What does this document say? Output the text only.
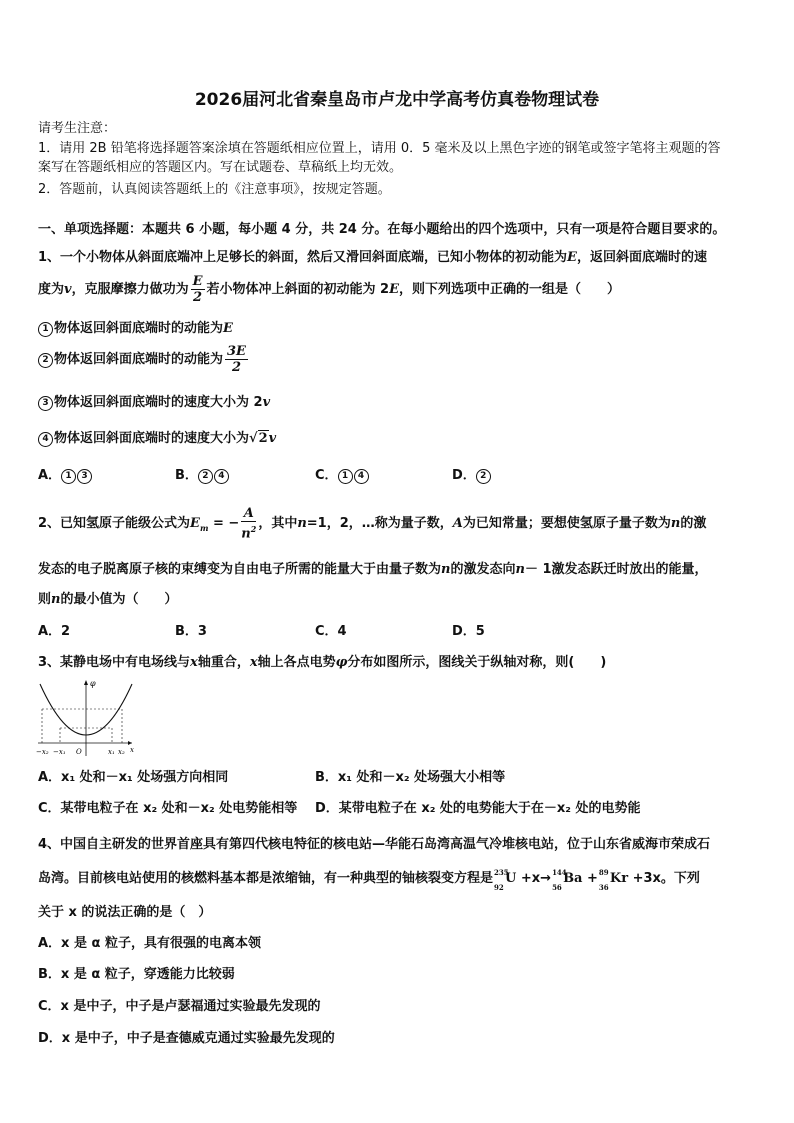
2026届河北省秦皇岛市卢龙中学高考仿真卷物理试卷
请考生注意：
1．请用 2B 铅笔将选择题答案涂填在答题纸相应位置上，请用 0．5 毫米及以上黑色字迹的钢笔或签字笔将主观题的答
案写在答题纸相应的答题区内。写在试题卷、草稿纸上均无效。
2．答题前，认真阅读答题纸上的《注意事项》，按规定答题。
一、单项选择题：本题共 6 小题，每小题 4 分，共 24 分。在每小题给出的四个选项中，只有一项是符合题目要求的。
1、一个小物体从斜面底端冲上足够长的斜面，然后又滑回斜面底端，已知小物体的初动能为E，返回斜面底端时的速
度为v，克服摩擦力做功为 $\frac{E}{2}$ 若小物体冲上斜面的初动能为 2E，则下列选项中正确的一组是（　　）
1 物体返回斜面底端时的动能为E
2 物体返回斜面底端时的动能为 $\frac{3E}{2}$
3 物体返回斜面底端时的速度大小为 2v
4 物体返回斜面底端时的速度大小为√2v
A． 1 3	B． 2 4	C． 1 4	D． 2
2、已知氢原子能级公式为$E_m$ = − $\frac{A}{n^2}$ ，其中n=1，2，…称为量子数，A为已知常量；要想使氢原子量子数为n的激
发态的电子脱离原子核的束缚变为自由电子所需的能量大于由量子数为n的激发态向n－ 1激发态跃迁时放出的能量，
则n的最小值为（　　）
A．2	B．3	C．4	D．5
3、某静电场中有电场线与x轴重合，x轴上各点电势φ分布如图所示，图线关于纵轴对称，则(　　)
φ
−x₂ −x₁ O	x₁ x₂ x
A．x₁ 处和－x₁ 处场强方向相同	B．x₁ 处和－x₂ 处场强大小相等
C．某带电粒子在 x₂ 处和－x₂ 处电势能相等 D．某带电粒子在 x₂ 处的电势能大于在－x₂ 处的电势能
4、中国自主研发的世界首座具有第四代核电特征的核电站—华能石岛湾高温气冷堆核电站，位于山东省威海市荣成石
岛湾。目前核电站使用的核燃料基本都是浓缩铀，有一种典型的铀核裂变方程是 235
92
U +x→ 144
56
Ba + 89
36
Kr +3x。下列
关于 x 的说法正确的是（　）
A．x 是 α 粒子，具有很强的电离本领
B．x 是 α 粒子，穿透能力比较弱
C．x 是中子，中子是卢瑟福通过实验最先发现的
D．x 是中子，中子是查德威克通过实验最先发现的
